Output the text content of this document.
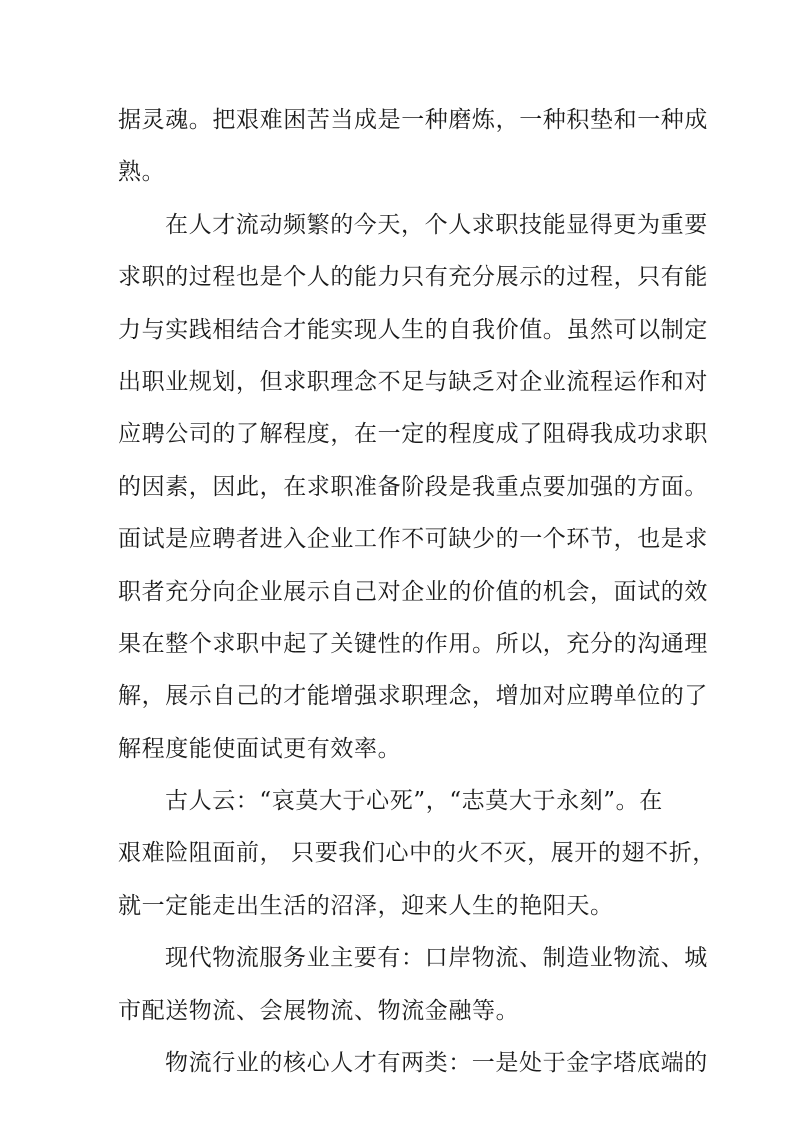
据灵魂。把艰难困苦当成是一种磨炼，一种积垫和一种成
熟。
在人才流动频繁的今天，个人求职技能显得更为重要
求职的过程也是个人的能力只有充分展示的过程，只有能
力与实践相结合才能实现人生的自我价值。虽然可以制定
出职业规划，但求职理念不足与缺乏对企业流程运作和对
应聘公司的了解程度，在一定的程度成了阻碍我成功求职
的因素，因此，在求职准备阶段是我重点要加强的方面。
面试是应聘者进入企业工作不可缺少的一个环节，也是求
职者充分向企业展示自己对企业的价值的机会，面试的效
果在整个求职中起了关键性的作用。所以，充分的沟通理
解，展示自己的才能增强求职理念，增加对应聘单位的了
解程度能使面试更有效率。
古人云：“哀莫大于心死”，“志莫大于永刻”。在
艰难险阻面前， 只要我们心中的火不灭，展开的翅不折，
就一定能走出生活的沼泽，迎来人生的艳阳天。
现代物流服务业主要有：口岸物流、制造业物流、城
市配送物流、会展物流、物流金融等。
物流行业的核心人才有两类：一是处于金字塔底端的
